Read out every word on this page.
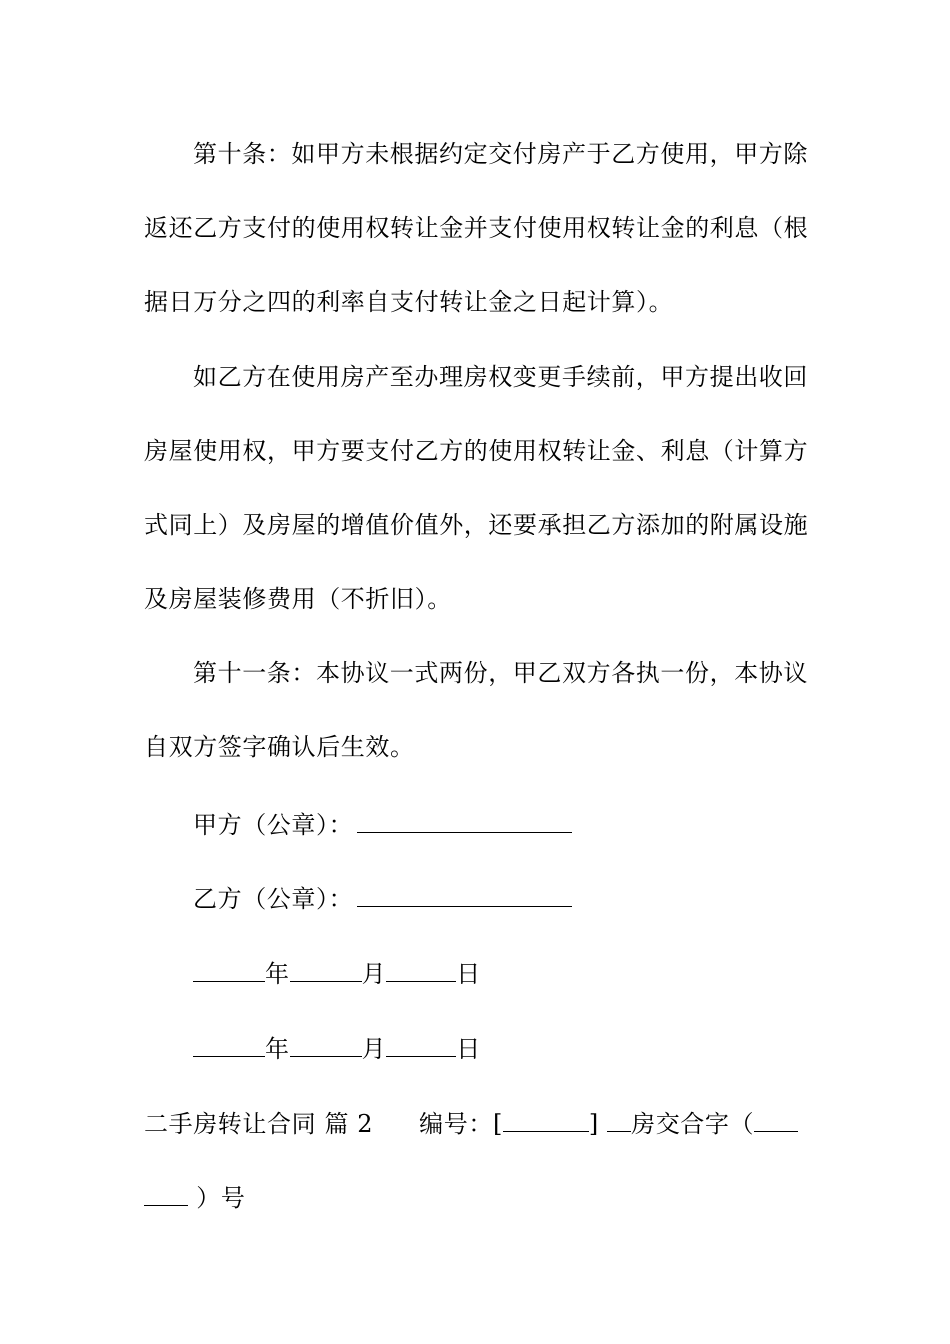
第十条：如甲方未根据约定交付房产于乙方使用，甲方除
返还乙方支付的使用权转让金并支付使用权转让金的利息（根
据日万分之四的利率自支付转让金之日起计算）。
如乙方在使用房产至办理房权变更手续前，甲方提出收回
房屋使用权，甲方要支付乙方的使用权转让金、利息（计算方
式同上）及房屋的增值价值外，还要承担乙方添加的附属设施
及房屋装修费用（不折旧）。
第十一条：本协议一式两份，甲乙双方各执一份，本协议
自双方签字确认后生效。
甲方（公章）：
乙方（公章）：
年	月	日
年	月	日
二手房转让合同 篇 2 编号：[	] 房交合字（
）号
